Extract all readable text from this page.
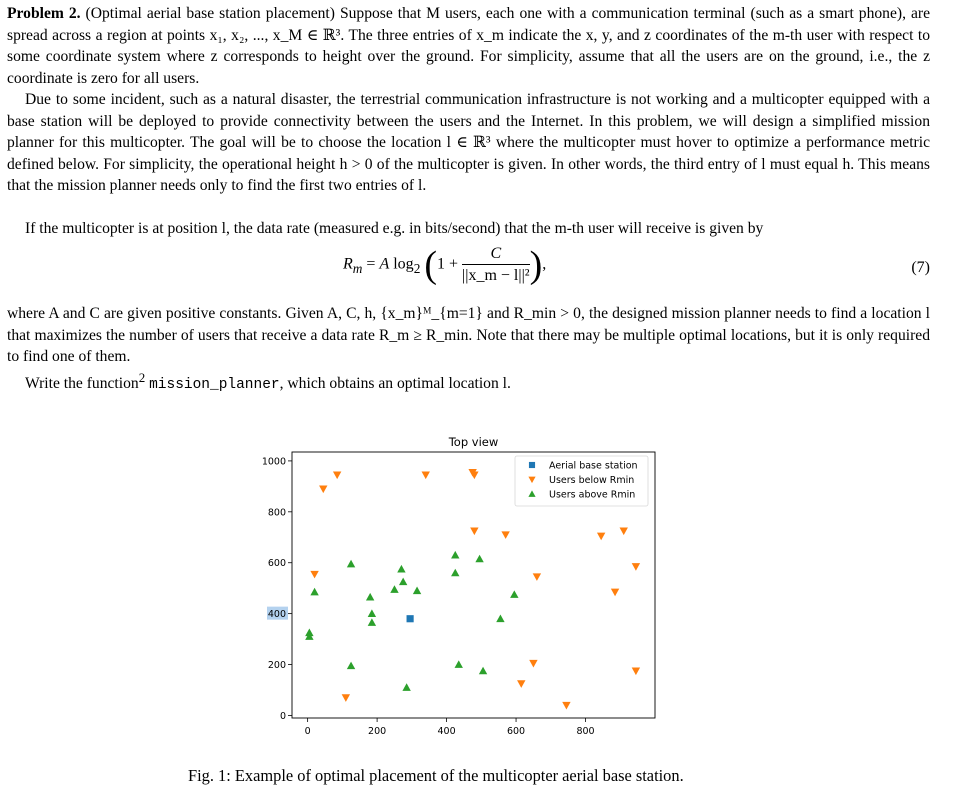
Problem 2. (Optimal aerial base station placement) Suppose that M users, each one with a communication terminal (such as a smart phone), are spread across a region at points x₁, x₂, ..., x_M ∈ ℝ³. The three entries of x_m indicate the x, y, and z coordinates of the m-th user with respect to some coordinate system where z corresponds to height over the ground. For simplicity, assume that all the users are on the ground, i.e., the z coordinate is zero for all users.
Due to some incident, such as a natural disaster, the terrestrial communication infrastructure is not working and a multicopter equipped with a base station will be deployed to provide connectivity between the users and the Internet. In this problem, we will design a simplified mission planner for this multicopter. The goal will be to choose the location l ∈ ℝ³ where the multicopter must hover to optimize a performance metric defined below. For simplicity, the operational height h > 0 of the multicopter is given. In other words, the third entry of l must equal h. This means that the mission planner needs only to find the first two entries of l.
If the multicopter is at position l, the data rate (measured e.g. in bits/second) that the m-th user will receive is given by
$R_m = A$ $\log_2 (1 + \frac{C}{\text{||x\_m − l||²}}$ ),	(7)
where A and C are given positive constants. Given A, C, h, {x_m}ᴹ_{m=1} and R_min > 0, the designed mission planner needs to find a location l that maximizes the number of users that receive a data rate R_m ≥ R_min. Note that there may be multiple optimal locations, but it is only required to find one of them.
Write the function$^2$ mission_planner, which obtains an optimal location l.
Top view
0	200	400	600	800
0
200
400
600
800
1000	Aerial base station
Users below Rmin
Users above Rmin
Fig. 1: Example of optimal placement of the multicopter aerial base station.
